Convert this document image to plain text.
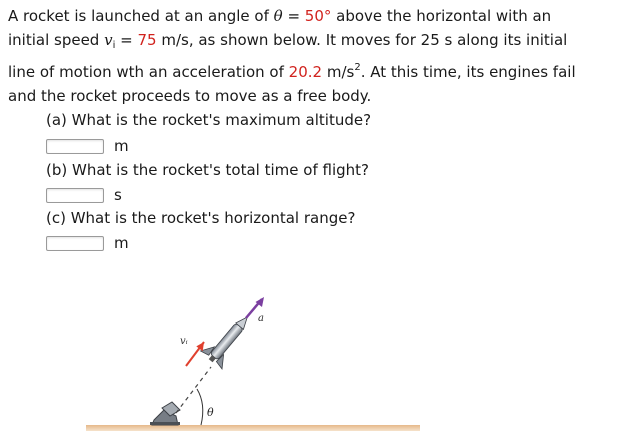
A rocket is launched at an angle of θ = 50° above the horizontal with an
initial speed $v_i = 75$ m/s, as shown below. It moves for 25 s along its initial
line of motion wth an acceleration of 20.2 $m/s^2$. At this time, its engines fail
and the rocket proceeds to move as a free body.
(a) What is the rocket's maximum altitude?
m
(b) What is the rocket's total time of flight?
s
(c) What is the rocket's horizontal range?
m
θ
vᵢ
a
